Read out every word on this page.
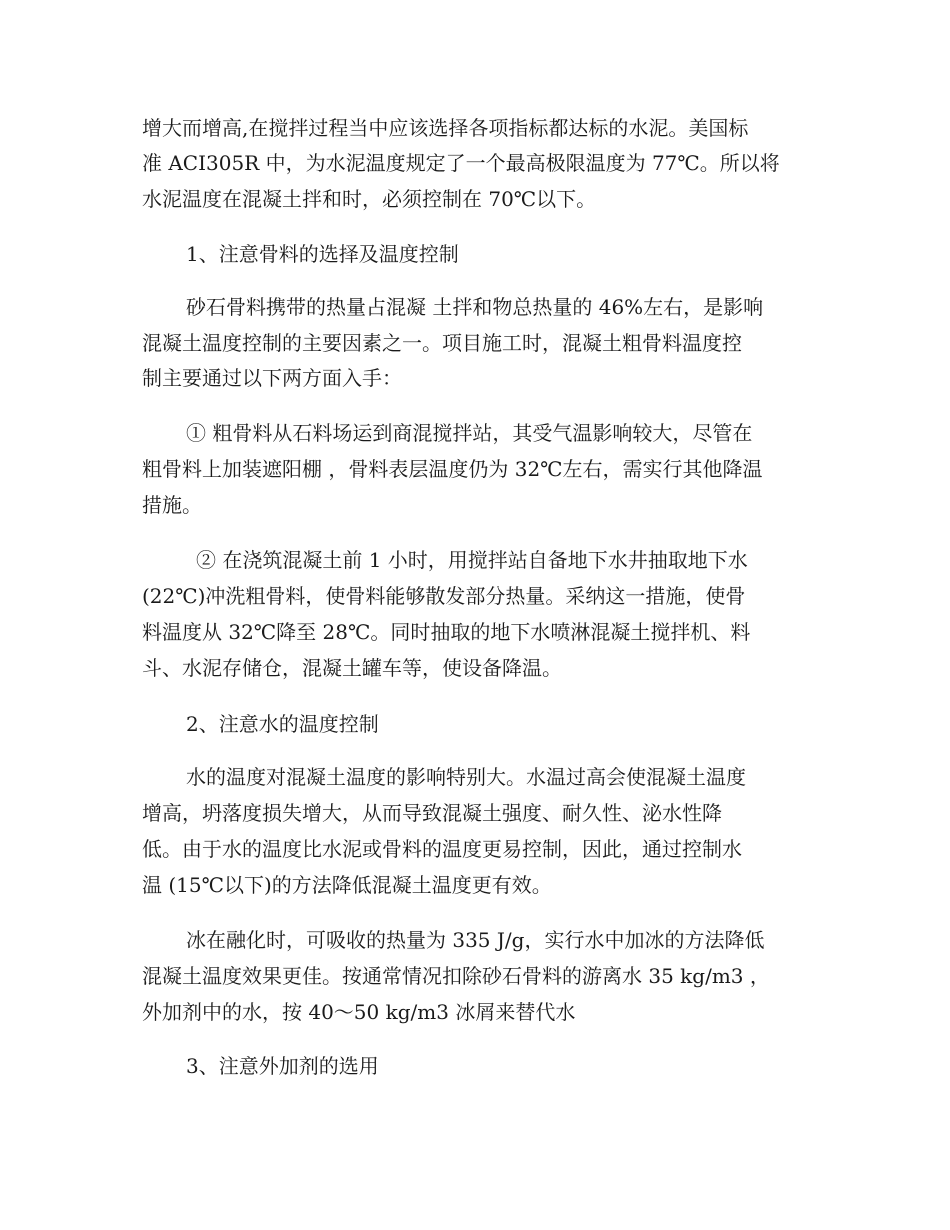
增大而增高,在搅拌过程当中应该选择各项指标都达标的水泥。美国标
准 ACI305R 中，为水泥温度规定了一个最高极限温度为 77℃。所以将
水泥温度在混凝土拌和时，必须控制在 70℃以下。
1、注意骨料的选择及温度控制
砂石骨料携带的热量占混凝 土拌和物总热量的 46%左右，是影响
混凝土温度控制的主要因素之一。项目施工时，混凝土粗骨料温度控
制主要通过以下两方面入手：
① 粗骨料从石料场运到商混搅拌站，其受气温影响较大，尽管在
粗骨料上加装遮阳棚 ，骨料表层温度仍为 32℃左右，需实行其他降温
措施。
② 在浇筑混凝土前 1 小时，用搅拌站自备地下水井抽取地下水
(22℃)冲洗粗骨料，使骨料能够散发部分热量。采纳这一措施，使骨
料温度从 32℃降至 28℃。同时抽取的地下水喷淋混凝土搅拌机、料
斗、水泥存储仓，混凝土罐车等，使设备降温。
2、注意水的温度控制
水的温度对混凝土温度的影响特别大。水温过高会使混凝土温度
增高，坍落度损失增大，从而导致混凝土强度、耐久性、泌水性降
低。由于水的温度比水泥或骨料的温度更易控制，因此，通过控制水
温 (15℃以下)的方法降低混凝土温度更有效。
冰在融化时，可吸收的热量为 335 J/g，实行水中加冰的方法降低
混凝土温度效果更佳。按通常情况扣除砂石骨料的游离水 35 kg/m3 ，
外加剂中的水，按 40～50 kg/m3 冰屑来替代水
3、注意外加剂的选用
